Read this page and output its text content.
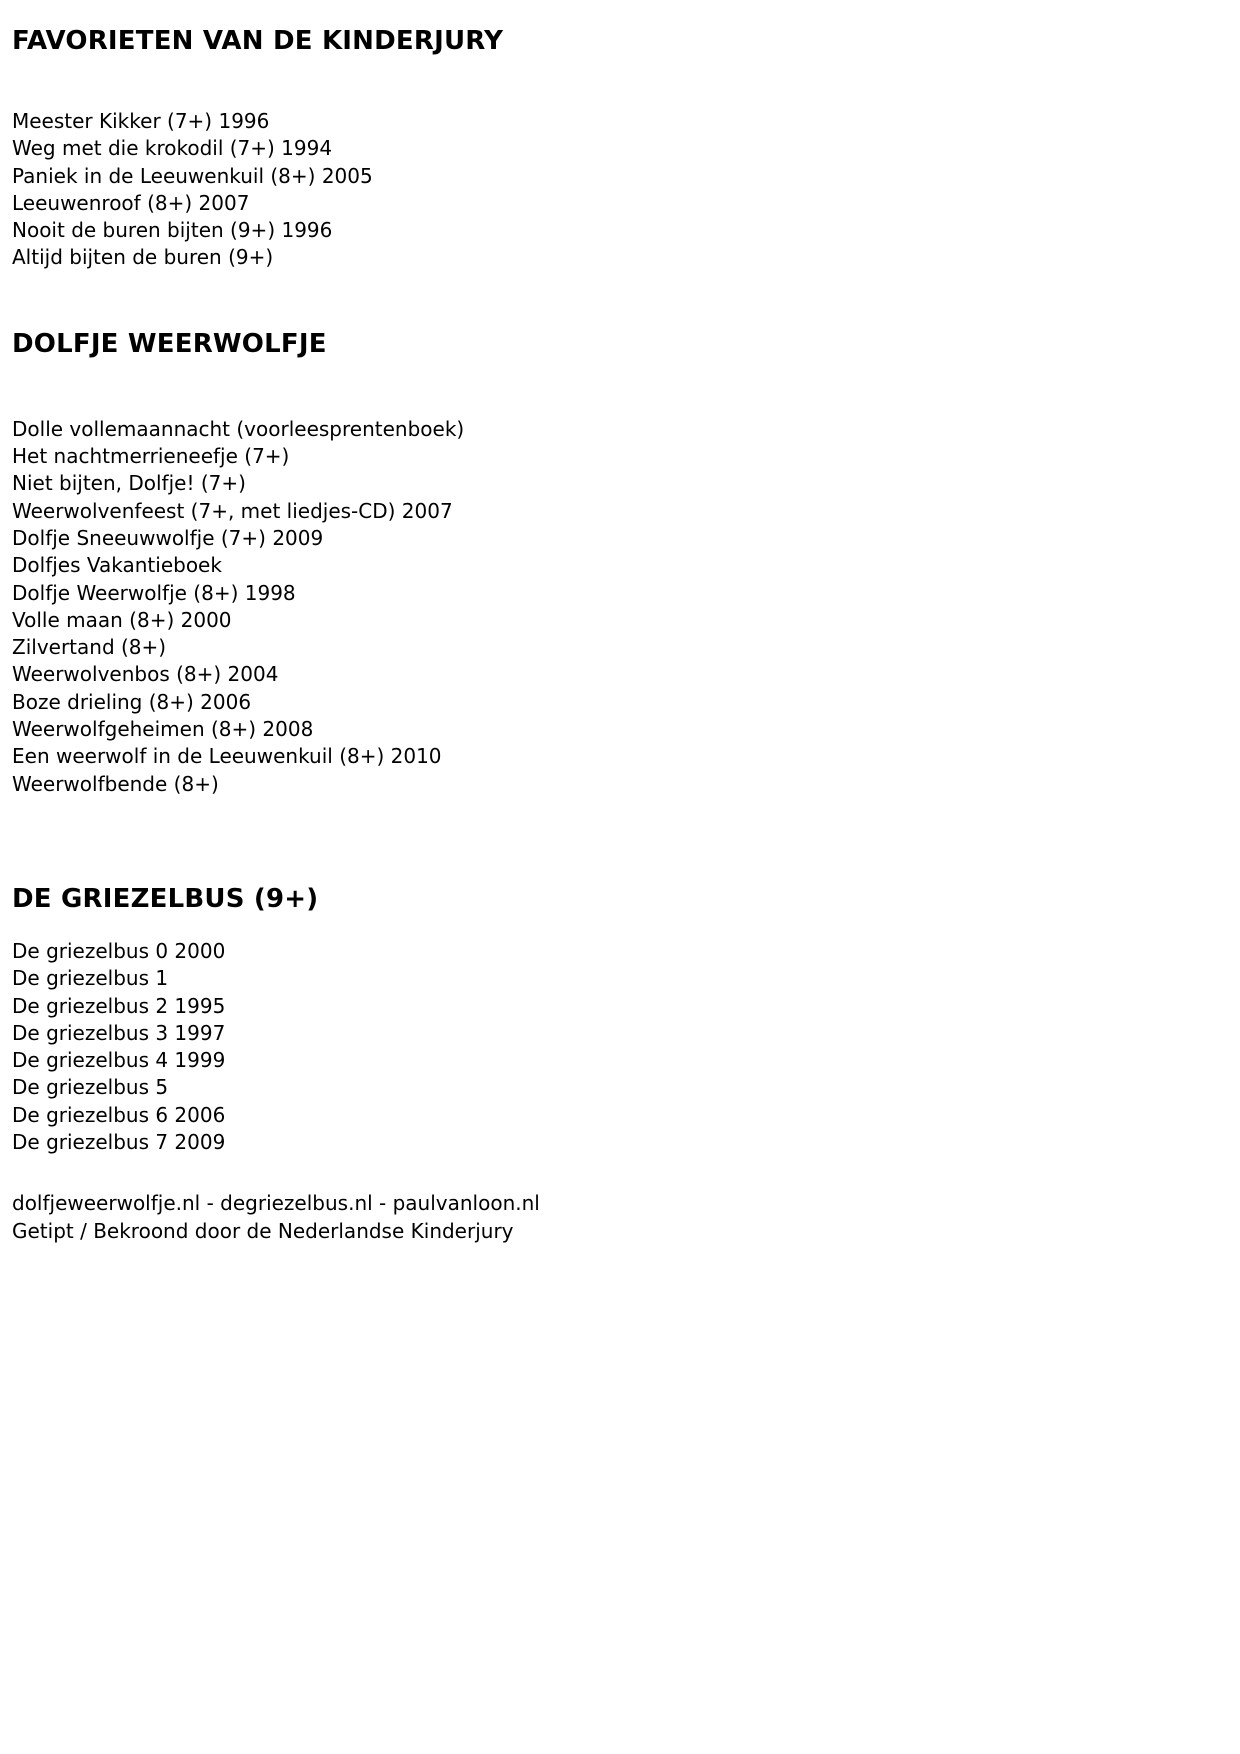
FAVORIETEN VAN DE KINDERJURY
Meester Kikker (7+) 1996
Weg met die krokodil (7+) 1994
Paniek in de Leeuwenkuil (8+) 2005
Leeuwenroof (8+) 2007
Nooit de buren bijten (9+) 1996
Altijd bijten de buren (9+)
DOLFJE WEERWOLFJE
Dolle vollemaannacht (voorleesprentenboek)
Het nachtmerrieneefje (7+)
Niet bijten, Dolfje! (7+)
Weerwolvenfeest (7+, met liedjes-CD) 2007
Dolfje Sneeuwwolfje (7+) 2009
Dolfjes Vakantieboek
Dolfje Weerwolfje (8+) 1998
Volle maan (8+) 2000
Zilvertand (8+)
Weerwolvenbos (8+) 2004
Boze drieling (8+) 2006
Weerwolfgeheimen (8+) 2008
Een weerwolf in de Leeuwenkuil (8+) 2010
Weerwolfbende (8+)
DE GRIEZELBUS (9+)
De griezelbus 0 2000
De griezelbus 1
De griezelbus 2 1995
De griezelbus 3 1997
De griezelbus 4 1999
De griezelbus 5
De griezelbus 6 2006
De griezelbus 7 2009
dolfjeweerwolfje.nl - degriezelbus.nl - paulvanloon.nl
Getipt / Bekroond door de Nederlandse Kinderjury
